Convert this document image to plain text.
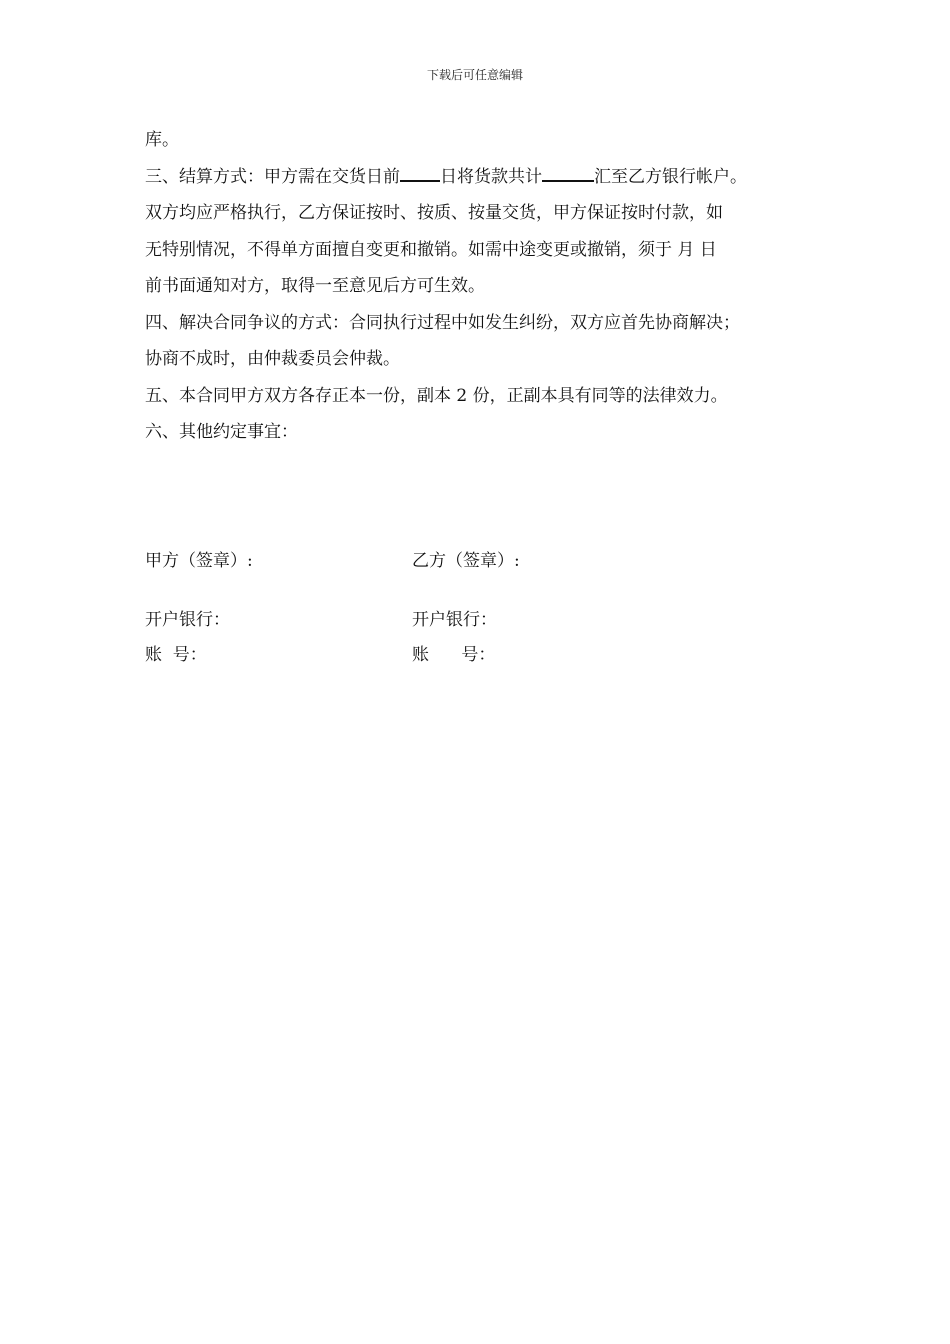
下载后可任意编辑
库。
三、结算方式：甲方需在交货日前 日将货款共计	汇至乙方银行帐户。
双方均应严格执行，乙方保证按时、按质、按量交货，甲方保证按时付款，如
无特别情况，不得单方面擅自变更和撤销。如需中途变更或撤销，须于 月 日
前书面通知对方，取得一至意见后方可生效。
四、解决合同争议的方式：合同执行过程中如发生纠纷，双方应首先协商解决；
协商不成时，由仲裁委员会仲裁。
五、本合同甲方双方各存正本一份，副本 2 份，正副本具有同等的法律效力。
六、其他约定事宜：
甲方（签章）:	乙方（签章）:
开户银行：	开户银行：
账  号：	账      号：
